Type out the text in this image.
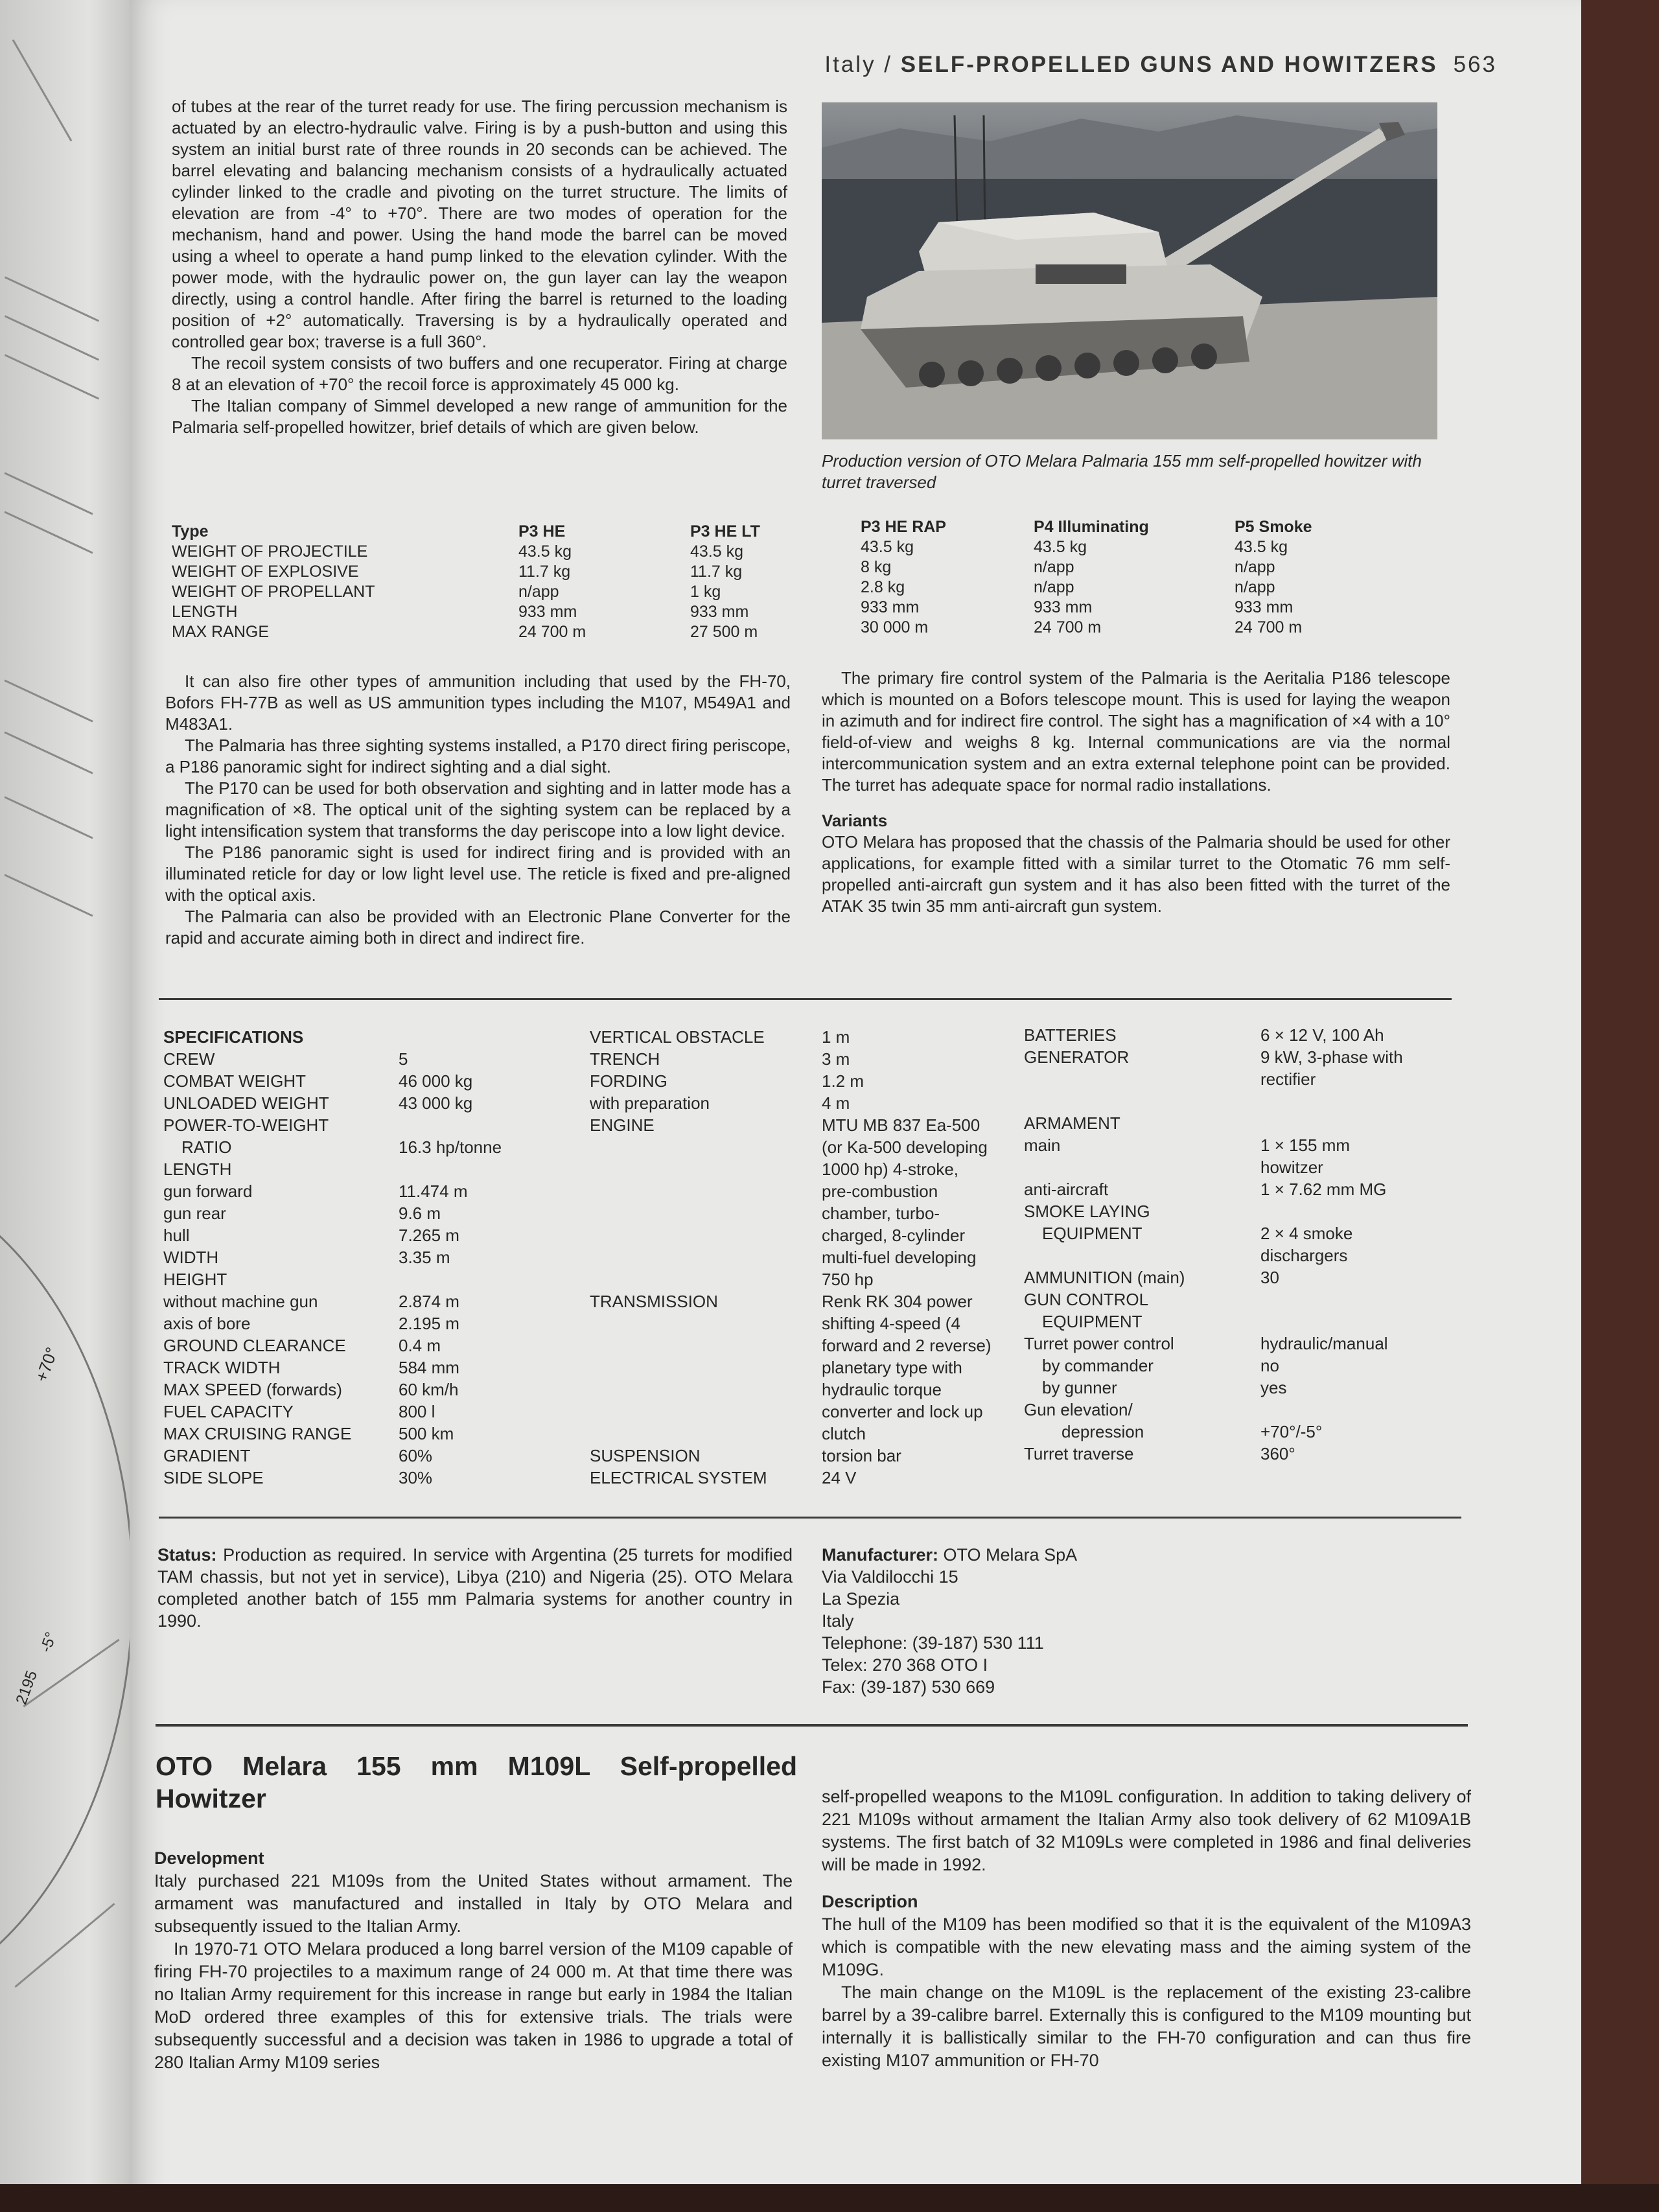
+70°
-5°
2195
Italy / SELF-PROPELLED GUNS AND HOWITZERS 563

of tubes at the rear of the turret ready for use. The firing percussion mechanism is actuated by an electro-hydraulic valve. Firing is by a push-button and using this system an initial burst rate of three rounds in 20 seconds can be achieved. The barrel elevating and balancing mechanism consists of a hydraulically actuated cylinder linked to the cradle and pivoting on the turret structure. The limits of elevation are from -4° to +70°. There are two modes of operation for the mechanism, hand and power. Using the hand mode the barrel can be moved using a wheel to operate a hand pump linked to the elevation cylinder. With the power mode, with the hydraulic power on, the gun layer can lay the weapon directly, using a control handle. After firing the barrel is returned to the loading position of +2° automatically. Traversing is by a hydraulically operated and controlled gear box; traverse is a full 360°.

The recoil system consists of two buffers and one recuperator. Firing at charge 8 at an elevation of +70° the recoil force is approximately 45 000 kg.

The Italian company of Simmel developed a new range of ammunition for the Palmaria self-propelled howitzer, brief details of which are given below.

Production version of OTO Melara Palmaria 155 mm self-propelled howitzer with turret traversed
Type	P3 HE	P3 HE LT
WEIGHT OF PROJECTILE	43.5 kg	43.5 kg
WEIGHT OF EXPLOSIVE	11.7 kg	11.7 kg
WEIGHT OF PROPELLANT	n/app	1 kg
LENGTH	933 mm	933 mm
MAX RANGE	24 700 m	27 500 m
P3 HE RAP	P4 Illuminating	P5 Smoke
43.5 kg	43.5 kg	43.5 kg
8 kg	n/app	n/app
2.8 kg	n/app	n/app
933 mm	933 mm	933 mm
30 000 m	24 700 m	24 700 m

It can also fire other types of ammunition including that used by the FH-70, Bofors FH-77B as well as US ammunition types including the M107, M549A1 and M483A1.

The Palmaria has three sighting systems installed, a P170 direct firing periscope, a P186 panoramic sight for indirect sighting and a dial sight.

The P170 can be used for both observation and sighting and in latter mode has a magnification of ×8. The optical unit of the sighting system can be replaced by a light intensification system that transforms the day periscope into a low light device.

The P186 panoramic sight is used for indirect firing and is provided with an illuminated reticle for day or low light level use. The reticle is fixed and pre-aligned with the optical axis.

The Palmaria can also be provided with an Electronic Plane Converter for the rapid and accurate aiming both in direct and indirect fire.

The primary fire control system of the Palmaria is the Aeritalia P186 telescope which is mounted on a Bofors telescope mount. This is used for laying the weapon in azimuth and for indirect fire control. The sight has a magnification of ×4 with a 10° field-of-view and weighs 8 kg. Internal communications are via the normal intercommunication system and an extra external telephone point can be provided. The turret has adequate space for normal radio installations.

Variants

OTO Melara has proposed that the chassis of the Palmaria should be used for other applications, for example fitted with a similar turret to the Otomatic 76 mm self-propelled anti-aircraft gun system and it has also been fitted with the turret of the ATAK 35 twin 35 mm anti-aircraft gun system.

SPECIFICATIONS
CREW	5
COMBAT WEIGHT	46 000 kg
UNLOADED WEIGHT	43 000 kg
POWER-TO-WEIGHT
RATIO	16.3 hp/tonne
LENGTH
gun forward	11.474 m
gun rear	9.6 m
hull	7.265 m
WIDTH	3.35 m
HEIGHT
without machine gun	2.874 m
axis of bore	2.195 m
GROUND CLEARANCE	0.4 m
TRACK WIDTH	584 mm
MAX SPEED (forwards)	60 km/h
FUEL CAPACITY	800 l
MAX CRUISING RANGE	500 km
GRADIENT	60%
SIDE SLOPE	30%
VERTICAL OBSTACLE	1 m
TRENCH	3 m
FORDING	1.2 m
with preparation	4 m
ENGINE	MTU MB 837 Ea-500
(or Ka-500 developing
1000 hp) 4-stroke,
pre-combustion
chamber, turbo-
charged, 8-cylinder
multi-fuel developing
750 hp
TRANSMISSION	Renk RK 304 power
shifting 4-speed (4
forward and 2 reverse)
planetary type with
hydraulic torque
converter and lock up
clutch
SUSPENSION	torsion bar
ELECTRICAL SYSTEM	24 V
BATTERIES	6 × 12 V, 100 Ah
GENERATOR	9 kW, 3-phase with
rectifier
ARMAMENT
main	1 × 155 mm
howitzer
anti-aircraft	1 × 7.62 mm MG
SMOKE LAYING
EQUIPMENT	2 × 4 smoke
dischargers
AMMUNITION (main)	30
GUN CONTROL
EQUIPMENT
Turret power control	hydraulic/manual
by commander	no
by gunner	yes
Gun elevation/
depression	+70°/-5°
Turret traverse	360°
Status: Production as required. In service with Argentina (25 turrets for modified TAM chassis, but not yet in service), Libya (210) and Nigeria (25). OTO Melara completed another batch of 155 mm Palmaria systems for another country in 1990.
Manufacturer: OTO Melara SpA
Via Valdilocchi 15
La Spezia
Italy
Telephone: (39-187) 530 111
Telex: 270 368 OTO I
Fax: (39-187) 530 669
OTO Melara 155 mm M109L Self-propelled Howitzer
Development

Italy purchased 221 M109s from the United States without armament. The armament was manufactured and installed in Italy by OTO Melara and subsequently issued to the Italian Army.

In 1970-71 OTO Melara produced a long barrel version of the M109 capable of firing FH-70 projectiles to a maximum range of 24 000 m. At that time there was no Italian Army requirement for this increase in range but early in 1984 the Italian MoD ordered three examples of this for extensive trials. The trials were subsequently successful and a decision was taken in 1986 to upgrade a total of 280 Italian Army M109 series

self-propelled weapons to the M109L configuration. In addition to taking delivery of 221 M109s without armament the Italian Army also took delivery of 62 M109A1B systems. The first batch of 32 M109Ls were completed in 1986 and final deliveries will be made in 1992.

Description

The hull of the M109 has been modified so that it is the equivalent of the M109A3 which is compatible with the new elevating mass and the aiming system of the M109G.

The main change on the M109L is the replacement of the existing 23-calibre barrel by a 39-calibre barrel. Externally this is configured to the M109 mounting but internally it is ballistically similar to the FH-70 configuration and can thus fire existing M107 ammunition or FH-70
